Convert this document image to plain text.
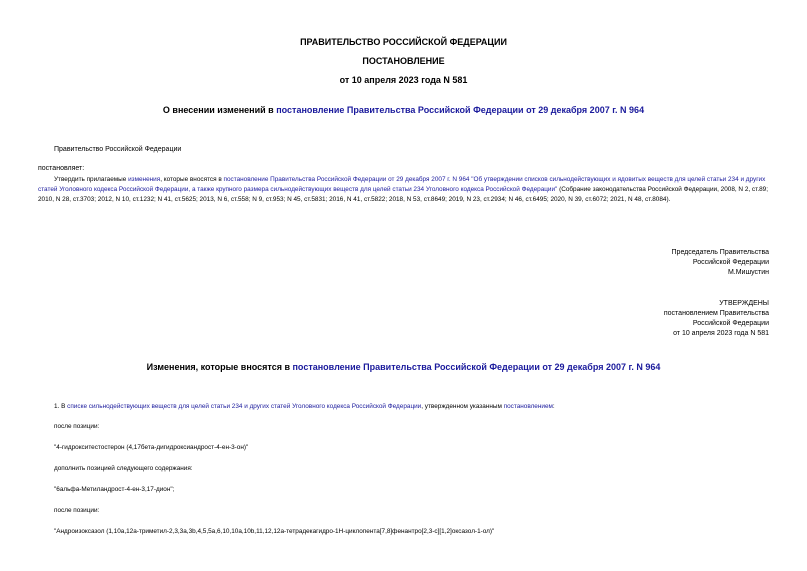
ПРАВИТЕЛЬСТВО РОССИЙСКОЙ ФЕДЕРАЦИИ
ПОСТАНОВЛЕНИЕ
от 10 апреля 2023 года N 581
О внесении изменений в постановление Правительства Российской Федерации от 29 декабря 2007 г. N 964
Правительство Российской Федерации
постановляет:
Утвердить прилагаемые изменения, которые вносятся в постановление Правительства Российской Федерации от 29 декабря 2007 г. N 964 "Об утверждении списков сильнодействующих и ядовитых веществ для целей статьи 234 и других статей Уголовного кодекса Российской Федерации, а также крупного размера сильнодействующих веществ для целей статьи 234 Уголовного кодекса Российской Федерации" (Собрание законодательства Российской Федерации, 2008, N 2, ст.89; 2010, N 28, ст.3703; 2012, N 10, ст.1232; N 41, ст.5625; 2013, N 6, ст.558; N 9, ст.953; N 45, ст.5831; 2016, N 41, ст.5822; 2018, N 53, ст.8649; 2019, N 23, ст.2934; N 46, ст.6495; 2020, N 39, ст.6072; 2021, N 48, ст.8084).
Председатель Правительства
Российской Федерации
М.Мишустин
УТВЕРЖДЕНЫ
постановлением Правительства
Российской Федерации
от 10 апреля 2023 года N 581
Изменения, которые вносятся в постановление Правительства Российской Федерации от 29 декабря 2007 г. N 964
1. В списке сильнодействующих веществ для целей статьи 234 и других статей Уголовного кодекса Российской Федерации, утвержденном указанным постановлением:
после позиции:
"4-гидрокситестостерон (4,17бета-дигидроксиандрост-4-ен-3-он)"
дополнить позицией следующего содержания:
"6альфа-Метиландрост-4-ен-3,17-дион";
после позиции:
"Андроизоксазол (1,10а,12а-триметил-2,3,3а,3b,4,5,5а,6,10,10а,10b,11,12,12а-тетрадекагидро-1Н-циклопента[7,8]фенантро[2,3-с][1,2]оксазол-1-ол)"
